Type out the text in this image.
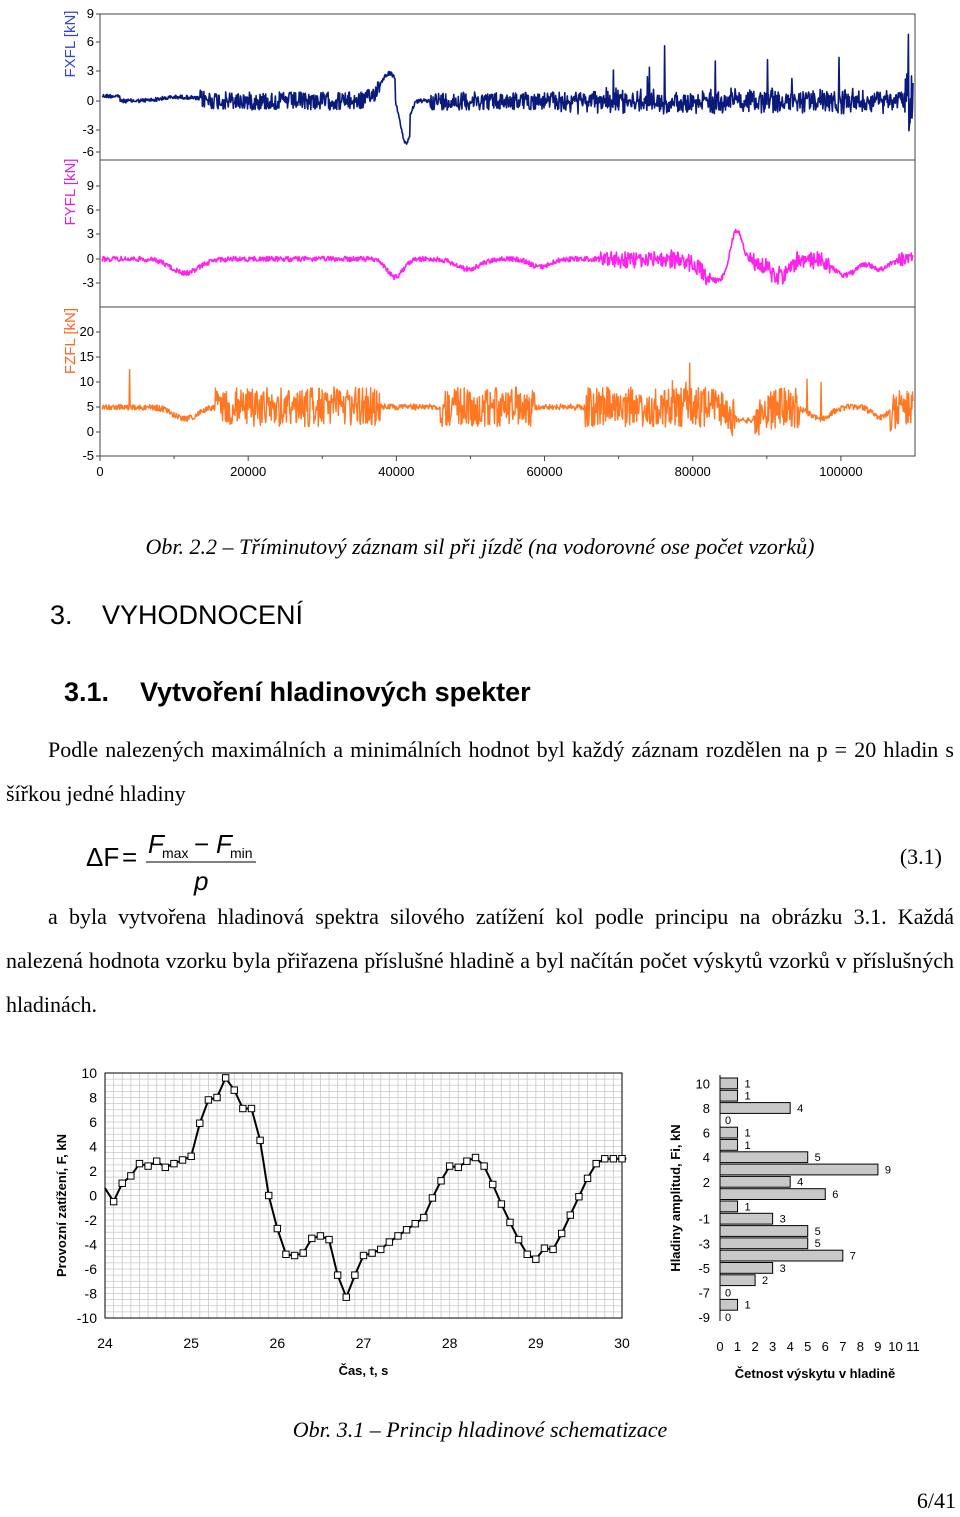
9
6
3
0
-3
-6
FXFL [kN]
9
6
3
0
-3
FYFL [kN]
20
15
10
5
0
-5
FZFL [kN]
0	20000	40000	60000	80000	100000
Obr. 2.2 – Tříminutový záznam sil při jízdě (na vodorovné ose počet vzorků)
3. VYHODNOCENÍ
3.1. Vytvoření hladinových spekter
Podle nalezených maximálních a minimálních hodnot byl každý záznam rozdělen na p = 20 hladin s šířkou jedné hladiny
ΔF = F
max − F
min
p
(3.1)
a byla vytvořena hladinová spektra silového zatížení kol podle principu na obrázku 3.1. Každá nalezená hodnota vzorku byla přiřazena příslušné hladině a byl načítán počet výskytů vzorků v příslušných hladinách.
10
8
6
4
2
0
-2
-4
-6
-8
-10
24	25	26	27	28	29	30
Čas, t, s
Provozní zatížení, F, kN
1
1
4
0
1
1
5
9
4
6
1
3
5
5
7
3
2
0
1
0
10
8
6
4
2
-1
-3
-5
-7
-9
0 1 2 3 4 5 6 7 8 9 10 11
Četnost výskytu v hladině
Hladiny amplitud, Fi, kN
Obr. 3.1 – Princip hladinové schematizace
6/41
